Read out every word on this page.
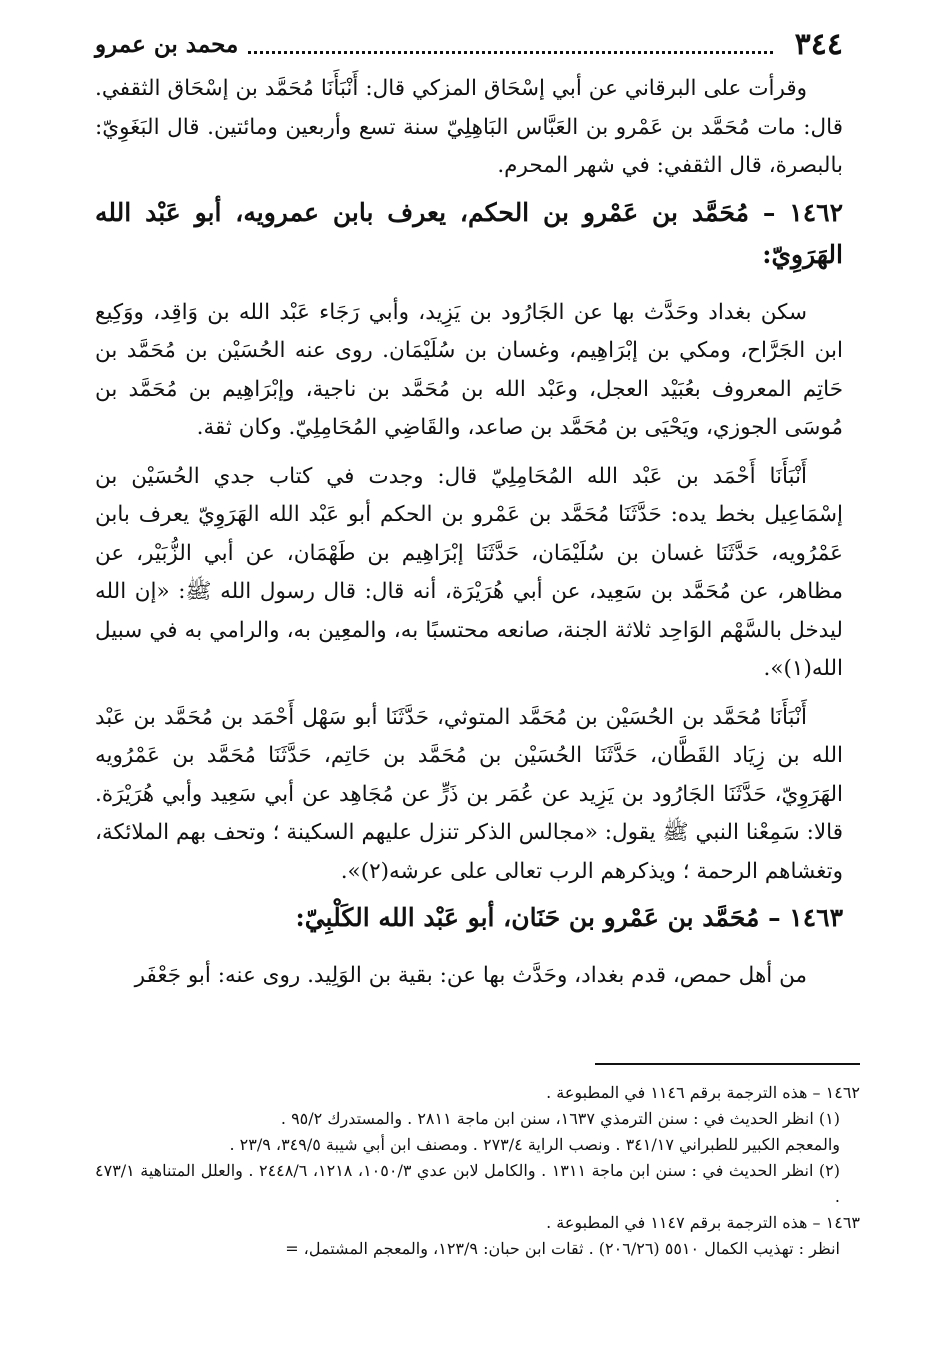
٣٤٤
محمد بن عمرو

وقرأت على البرقاني عن أبي إسْحَاق المزكي قال: أَنْبَأَنَا مُحَمَّد بن إسْحَاق الثقفي. قال: مات مُحَمَّد بن عَمْرو بن العَبَّاس البَاهِلِيّ سنة تسع وأربعين ومائتين. قال البَغَوِيّ: بالبصرة، قال الثقفي: في شهر المحرم.

١٤٦٢ – مُحَمَّد بن عَمْرو بن الحكم، يعرف بابن عمرويه، أبو عَبْد الله الهَرَوِيّ:

سكن بغداد وحَدَّث بها عن الجَارُود بن يَزِيد، وأبي رَجَاء عَبْد الله بن وَاقِد، ووَكِيع ابن الجَرَّاح، ومكي بن إبْرَاهِيم، وغسان بن سُلَيْمَان. روى عنه الحُسَيْن بن مُحَمَّد بن حَاتِم المعروف بعُبَيْد العجل، وعَبْد الله بن مُحَمَّد بن ناجية، وإبْرَاهِيم بن مُحَمَّد بن مُوسَى الجوزي، ويَحْيَى بن مُحَمَّد بن صاعد، والقَاضِي المُحَامِلِيّ. وكان ثقة.

أَنْبَأَنَا أَحْمَد بن عَبْد الله المُحَامِلِيّ قال: وجدت في كتاب جدي الحُسَيْن بن إسْمَاعِيل بخط يده: حَدَّثَنَا مُحَمَّد بن عَمْرو بن الحكم أبو عَبْد الله الهَرَوِيّ يعرف بابن عَمْرُويه، حَدَّثَنَا غسان بن سُلَيْمَان، حَدَّثَنَا إبْرَاهِيم بن طَهْمَان، عن أبي الزُّبَيْر، عن مظاهر، عن مُحَمَّد بن سَعِيد، عن أبي هُرَيْرَة، أنه قال: قال رسول الله ﷺ: «إن الله ليدخل بالسَّهْم الوَاحِد ثلاثة الجنة، صانعه محتسبًا به، والمعِين به، والرامي به في سبيل الله(١)».

أَنْبَأَنَا مُحَمَّد بن الحُسَيْن بن مُحَمَّد المتوثي، حَدَّثَنَا أبو سَهْل أَحْمَد بن مُحَمَّد بن عَبْد الله بن زِيَاد القَطَّان، حَدَّثَنَا الحُسَيْن بن مُحَمَّد بن حَاتِم، حَدَّثَنَا مُحَمَّد بن عَمْرُويه الهَرَوِيّ، حَدَّثَنَا الجَارُود بن يَزِيد عن عُمَر بن ذَرٍّ عن مُجَاهِد عن أبي سَعِيد وأبي هُرَيْرَة. قالا: سَمِعْنا النبي ﷺ يقول: «مجالس الذكر تنزل عليهم السكينة ؛ وتحف بهم الملائكة، وتغشاهم الرحمة ؛ ويذكرهم الرب تعالى على عرشه(٢)».

١٤٦٣ – مُحَمَّد بن عَمْرو بن حَنَان، أبو عَبْد الله الكَلْبِيّ:

من أهل حمص، قدم بغداد، وحَدَّث بها عن: بقية بن الوَلِيد. روى عنه: أبو جَعْفَر

١٤٦٢ – هذه الترجمة برقم ١١٤٦ في المطبوعة .

(١) انظر الحديث في : سنن الترمذي ١٦٣٧، سنن ابن ماجة ٢٨١١ . والمستدرك ٩٥/٢ .

والمعجم الكبير للطبراني ٣٤١/١٧ . ونصب الراية ٢٧٣/٤ . ومصنف ابن أبي شيبة ٣٤٩/٥، ٢٣/٩ .

(٢) انظر الحديث في : سنن ابن ماجة ١٣١١ . والكامل لابن عدي ١٠٥٠/٣، ١٢١٨، ٢٤٤٨/٦ . والعلل المتناهية ٤٧٣/١ .

١٤٦٣ – هذه الترجمة برقم ١١٤٧ في المطبوعة .

انظر : تهذيب الكمال ٥٥١٠ (٢٠٦/٢٦) . ثقات ابن حبان: ١٢٣/٩، والمعجم المشتمل، =
